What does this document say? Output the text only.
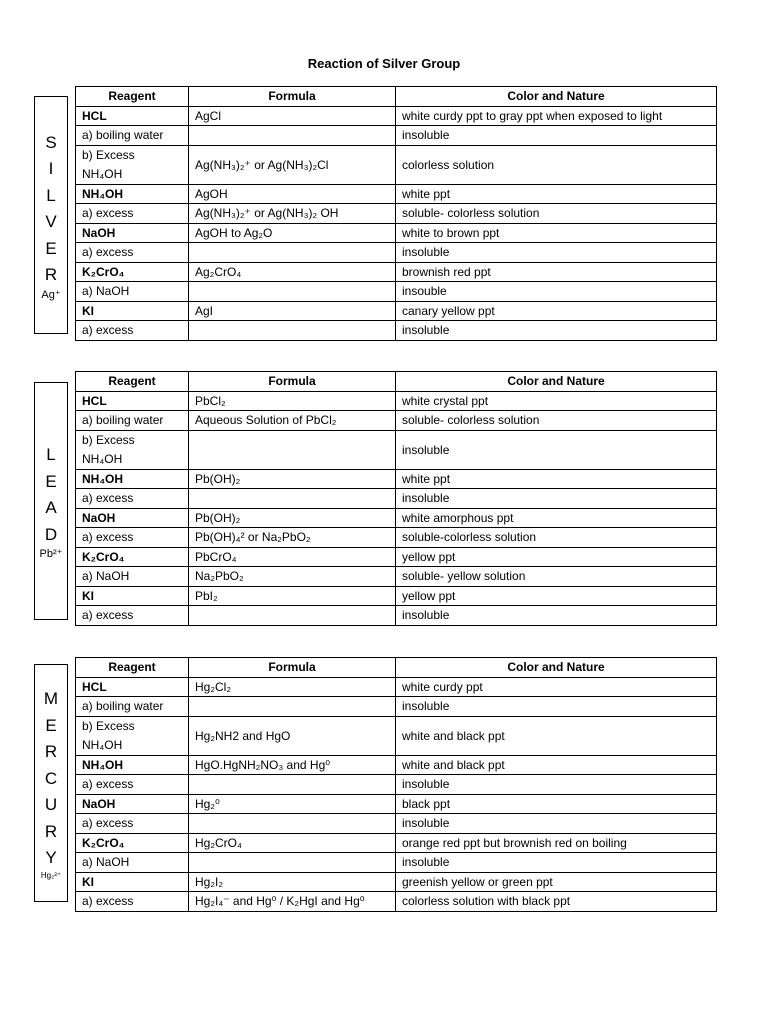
Reaction of Silver Group
S
I
L
V
E
R
Ag⁺
Reagent	Formula	Color and Nature
HCL	AgCl	white curdy ppt to gray ppt when exposed to light
a) boiling water		insoluble
b) Excess
NH₄OH	Ag(NH₃)₂⁺ or Ag(NH₃)₂Cl	colorless solution
NH₄OH	AgOH	white ppt
a) excess	Ag(NH₃)₂⁺ or Ag(NH₃)₂ OH	soluble- colorless solution
NaOH	AgOH to Ag₂O	white to brown ppt
a) excess		insoluble
K₂CrO₄	Ag₂CrO₄	brownish red ppt
a) NaOH		insouble
KI	AgI	canary yellow ppt
a) excess		insoluble
L
E
A
D
Pb²⁺
Reagent	Formula	Color and Nature
HCL	PbCl₂	white crystal ppt
a) boiling water	Aqueous Solution of PbCl₂	soluble- colorless solution
b) Excess
NH₄OH		insoluble
NH₄OH	Pb(OH)₂	white ppt
a) excess		insoluble
NaOH	Pb(OH)₂	white amorphous ppt
a) excess	Pb(OH)₄² or Na₂PbO₂	soluble-colorless solution
K₂CrO₄	PbCrO₄	yellow ppt
a) NaOH	Na₂PbO₂	soluble- yellow solution
KI	PbI₂	yellow ppt
a) excess		insoluble
M
E
R
C
U
R
Y
Hg₂²⁺
Reagent	Formula	Color and Nature
HCL	Hg₂Cl₂	white curdy ppt
a) boiling water		insoluble
b) Excess
NH₄OH	Hg₂NH2 and HgO	white and black ppt
NH₄OH	HgO.HgNH₂NO₃ and Hg⁰	white and black ppt
a) excess		insoluble
NaOH	Hg₂⁰	black ppt
a) excess		insoluble
K₂CrO₄	Hg₂CrO₄	orange red ppt but brownish red on boiling
a) NaOH		insoluble
KI	Hg₂I₂	greenish yellow or green ppt
a) excess	Hg₂I₄⁻ and Hg⁰ / K₂HgI and Hg⁰	colorless solution with black ppt
